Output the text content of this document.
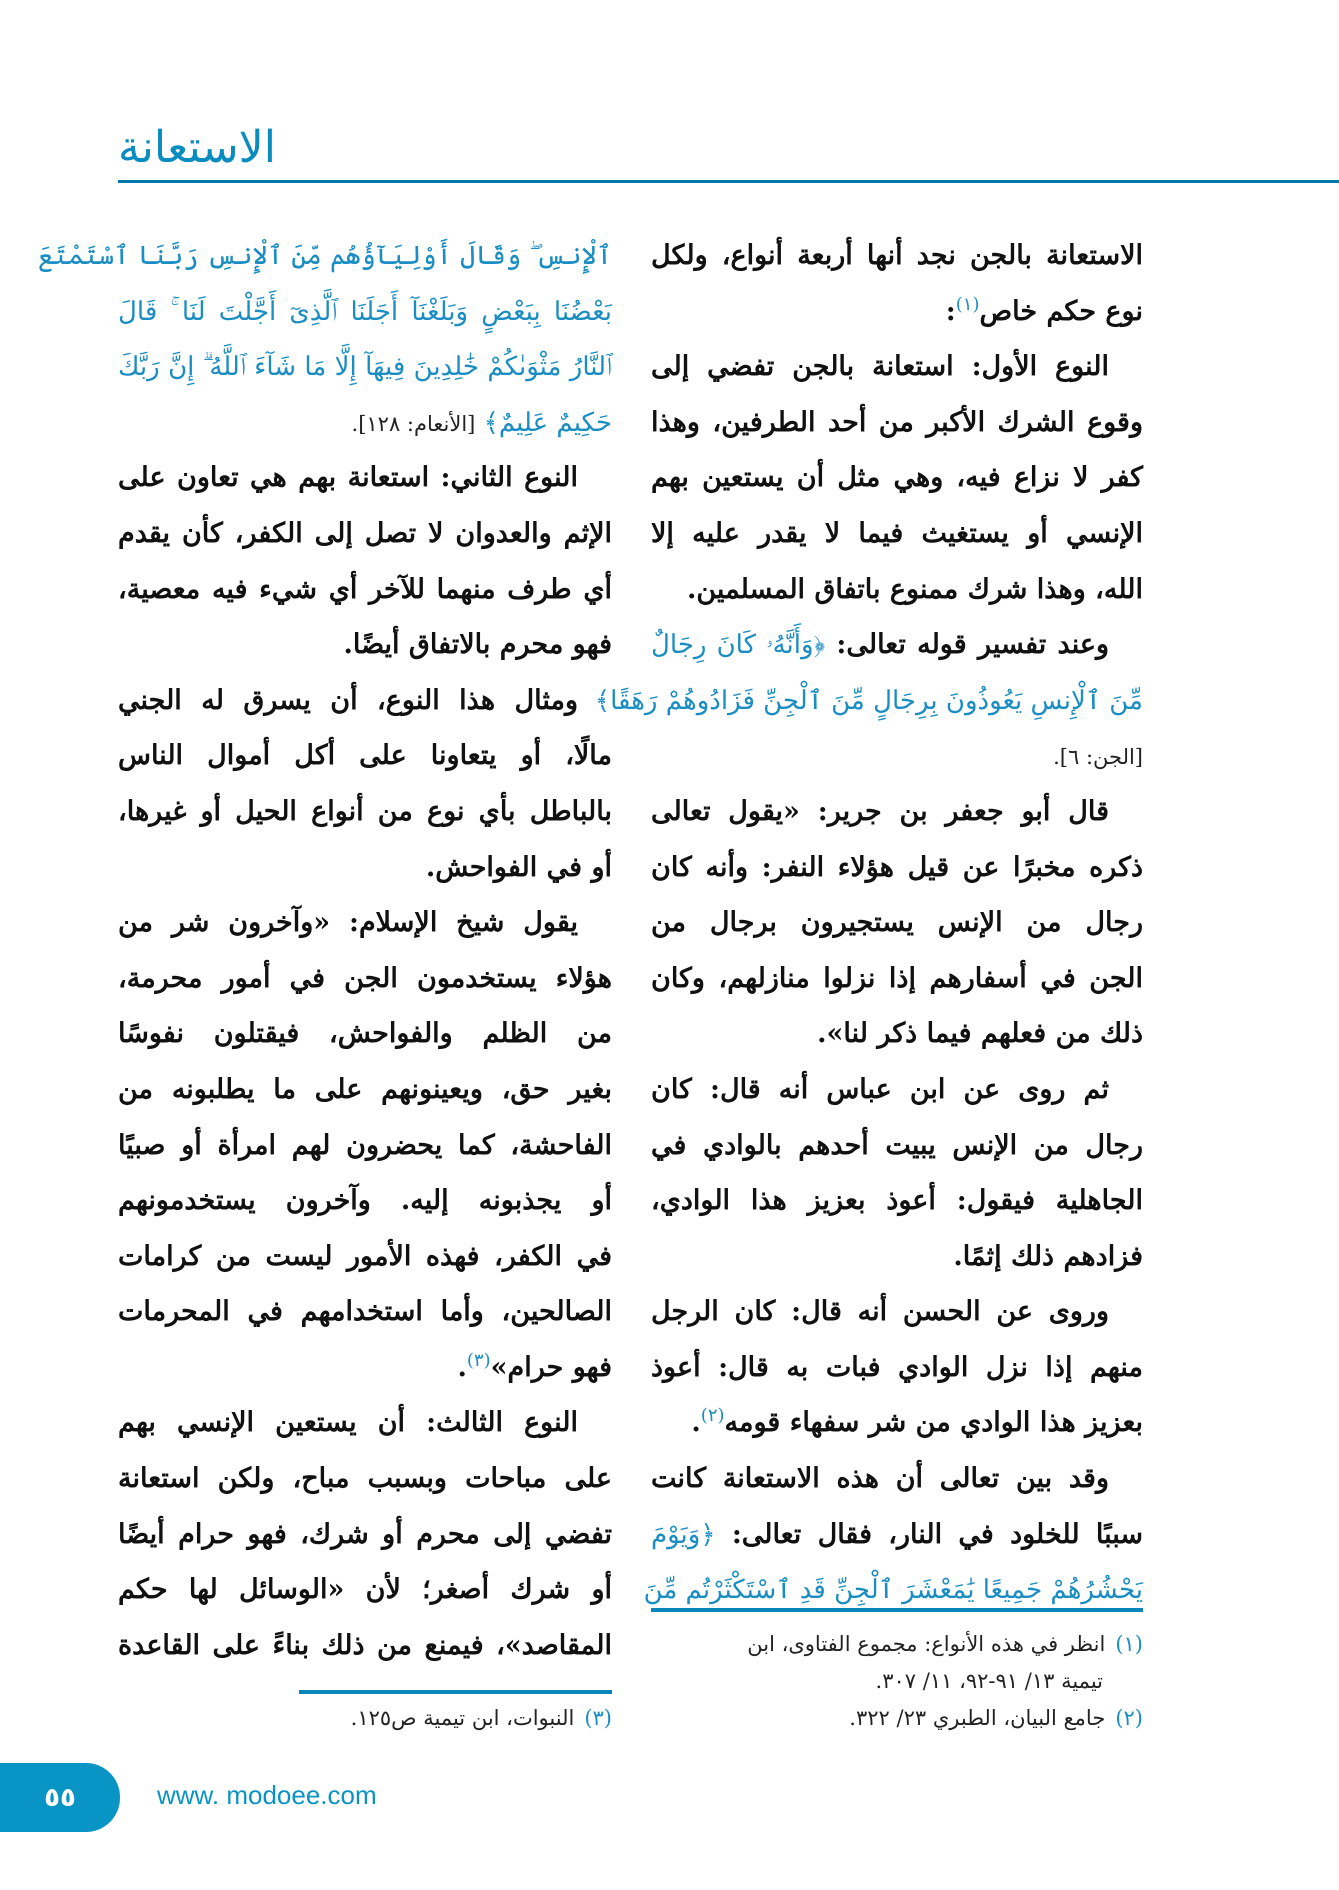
الاستعانة
الاستعانة بالجن نجد أنها أربعة أنواع، ولكل
نوع حكم خاص$^{(١)}$:
النوع الأول: استعانة بالجن تفضي إلى
وقوع الشرك الأكبر من أحد الطرفين، وهذا
كفر لا نزاع فيه، وهي مثل أن يستعين بهم
الإنسي أو يستغيث فيما لا يقدر عليه إلا
الله، وهذا شرك ممنوع باتفاق المسلمين.
وعند تفسير قوله تعالى: ﴿وَأَنَّهُۥ كَانَ رِجَالٌ
مِّنَ ٱلْإِنسِ يَعُوذُونَ بِرِجَالٍ مِّنَ ٱلْجِنِّ فَزَادُوهُمْ رَهَقًا﴾
[الجن: ٦].
قال أبو جعفر بن جرير: «يقول تعالى
ذكره مخبرًا عن قيل هؤلاء النفر: وأنه كان
رجال من الإنس يستجيرون برجال من
الجن في أسفارهم إذا نزلوا منازلهم، وكان
ذلك من فعلهم فيما ذكر لنا».
ثم روى عن ابن عباس أنه قال: كان
رجال من الإنس يبيت أحدهم بالوادي في
الجاهلية فيقول: أعوذ بعزيز هذا الوادي،
فزادهم ذلك إثمًا.
وروى عن الحسن أنه قال: كان الرجل
منهم إذا نزل الوادي فبات به قال: أعوذ
بعزيز هذا الوادي من شر سفهاء قومه$^{(٢)}$.
وقد بين تعالى أن هذه الاستعانة كانت
سببًا للخلود في النار، فقال تعالى: ﴿وَيَوْمَ
يَحْشُرُهُمْ جَمِيعًا يَٰمَعْشَرَ ٱلْجِنِّ قَدِ ٱسْتَكْثَرْتُم مِّنَ
ٱلْإِنسِ ۖ وَقَالَ أَوْلِيَآؤُهُم مِّنَ ٱلْإِنسِ رَبَّنَا ٱسْتَمْتَعَ
بَعْضُنَا بِبَعْضٍ وَبَلَغْنَآ أَجَلَنَا ٱلَّذِىٓ أَجَّلْتَ لَنَا ۚ قَالَ
ٱلنَّارُ مَثْوَىٰكُمْ خَٰلِدِينَ فِيهَآ إِلَّا مَا شَآءَ ٱللَّهُ ۗ إِنَّ رَبَّكَ
حَكِيمٌ عَلِيمٌ﴾ [الأنعام: ١٢٨].
النوع الثاني: استعانة بهم هي تعاون على
الإثم والعدوان لا تصل إلى الكفر، كأن يقدم
أي طرف منهما للآخر أي شيء فيه معصية،
فهو محرم بالاتفاق أيضًا.
ومثال هذا النوع، أن يسرق له الجني
مالًا، أو يتعاونا على أكل أموال الناس
بالباطل بأي نوع من أنواع الحيل أو غيرها،
أو في الفواحش.
يقول شيخ الإسلام: «وآخرون شر من
هؤلاء يستخدمون الجن في أمور محرمة،
من الظلم والفواحش، فيقتلون نفوسًا
بغير حق، ويعينونهم على ما يطلبونه من
الفاحشة، كما يحضرون لهم امرأة أو صبيًا
أو يجذبونه إليه. وآخرون يستخدمونهم
في الكفر، فهذه الأمور ليست من كرامات
الصالحين، وأما استخدامهم في المحرمات
فهو حرام»$^{(٣)}$.
النوع الثالث: أن يستعين الإنسي بهم
على مباحات وبسبب مباح، ولكن استعانة
تفضي إلى محرم أو شرك، فهو حرام أيضًا
أو شرك أصغر؛ لأن «الوسائل لها حكم
المقاصد»، فيمنع من ذلك بناءً على القاعدة	(١)انظر في هذه الأنواع: مجموع الفتاوى، ابن
تيمية ١٣/ ٩١-٩٢، ١١/ ٣٠٧.
(٢)جامع البيان، الطبري ٢٣/ ٣٢٢.
(٣)النبوات، ابن تيمية ص١٢٥.
٥٥	www. modoee.com
